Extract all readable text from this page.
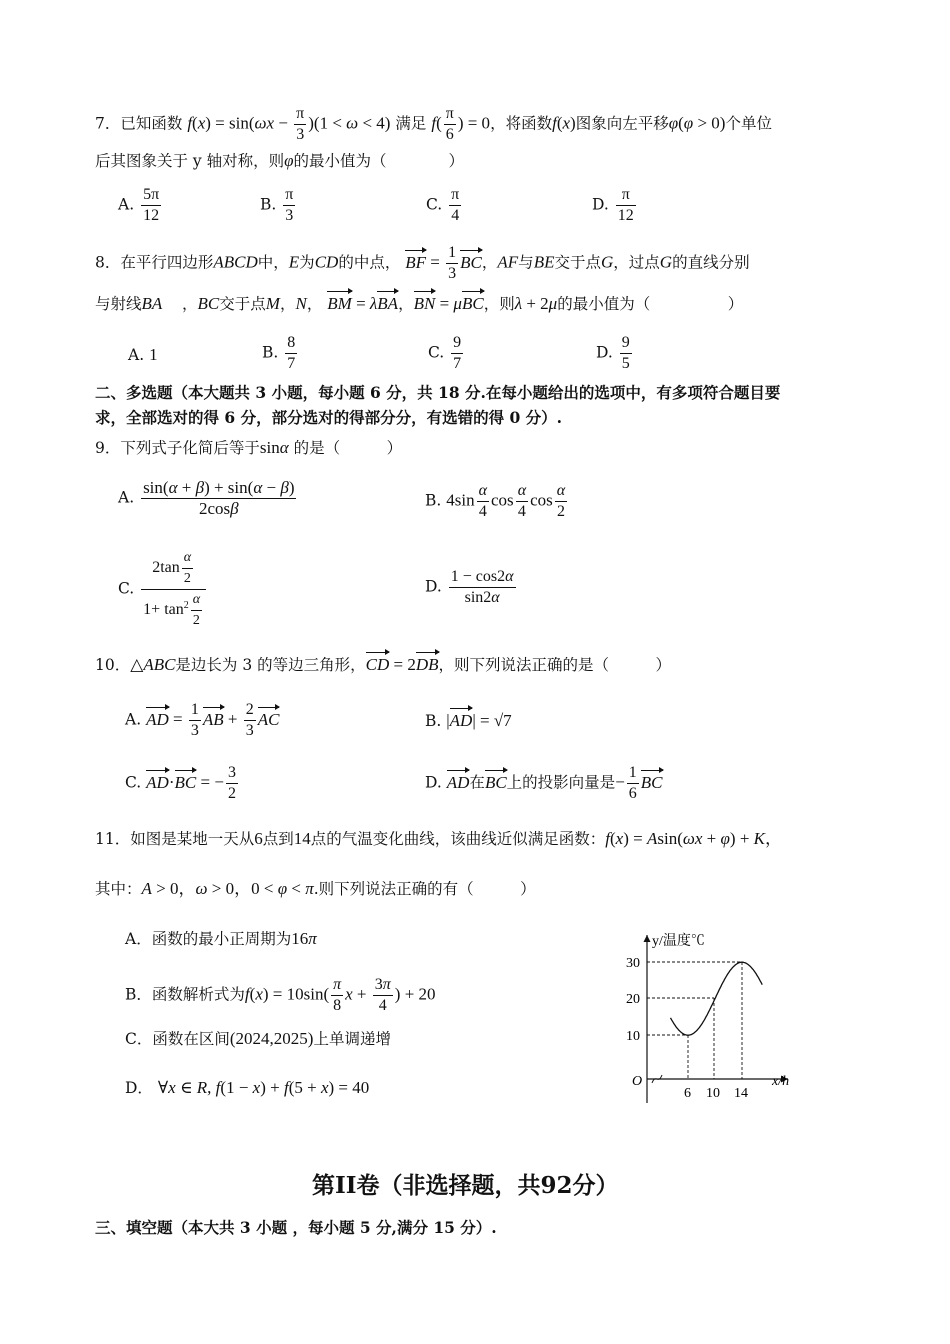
7．已知函数 $f(x) = \sin(\omega x - \frac{\pi}{3} )(1 < \omega < 4)$ 满足 $f( \frac{\pi}{6}$ ) = 0，将函数f(x)图象向左平移φ(φ > 0)个单位
后其图象关于 y 轴对称，则φ的最小值为（　　　　）
A. $\frac{5\pi}{12}$	B. $\frac{\pi}{3}$	C. $\frac{\pi}{4}$	D. $\frac{\pi}{12}$
8．在平行四边形ABCD中，E为CD的中点， BF = $\frac{1}{3}$ BC，AF与BE交于点G，过点G的直线分别
与射线BA ，BC交于点M，N， BM = λBA，BN = μBC，则λ + 2μ的最小值为（　　　　　）
A. 1	B. $\frac{8}{7}$	C. $\frac{9}{7}$	D. $\frac{9}{5}$
二、多选题（本大题共 3 小题，每小题 6 分，共 18 分.在每小题给出的选项中，有多项符合题目要
求，全部选对的得 6 分，部分选对的得部分分，有选错的得 0 分）.
9．下列式子化简后等于sinα 的是（　　　）
A. $\frac{\sin(\alpha + \beta) + \sin(\alpha - \beta)}{2\cos\beta}$	B. $4\sin \frac{\alpha}{4}$ $\cos \frac{\alpha}{4}$ $\cos \frac{\alpha}{2}$
C. $\frac{2\tan \frac{\alpha}{2}}{1+ \tan^2 \frac{\alpha}{2}}$	D. $\frac{1 - \cos 2\alpha}{\sin 2\alpha}$
10．△ABC是边长为 3 的等边三角形，CD = 2DB，则下列说法正确的是（　　　）
A. AD = $\frac{1}{3}$ AB + $\frac{2}{3}$ AC	B. |AD| = √7
C. AD·BC = − $\frac{3}{2}$	D. AD在BC上的投影向量是− $\frac{1}{6}$ BC
11．如图是某地一天从6点到14点的气温变化曲线，该曲线近似满足函数：f(x) = Asin(ωx + φ) + K，
其中：A > 0，ω > 0，0 < φ < π.则下列说法正确的有（　　　）
A．函数的最小正周期为16π
B．函数解析式为$f(x) = 10\sin( \frac{\pi}{8}$ $x + \frac{3\pi}{4}$ ) + 20
C．函数在区间(2024,2025)上单调递增
D． ∀x ∈ R, f(1 − x) + f(5 + x) = 40
y/温度℃
x/h
O
30
20
10
6 10 14
第II卷（非选择题，共92分）
三、填空题（本大共 3 小题 ，每小题 5 分,满分 15 分）.
